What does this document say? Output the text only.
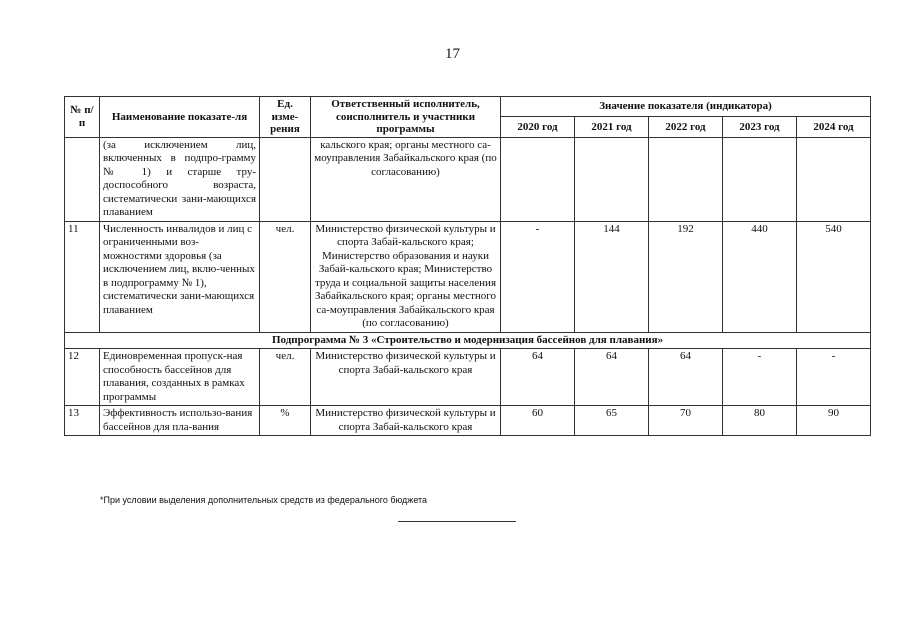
17
№ п/п	Наименование показате-ля	Ед. изме-рения	Ответственный исполнитель, соисполнитель и участники программы	Значение показателя (индикатора)				
				2020 год	2021 год	2022 год	2023 год	2024 год
	(за исключением лиц, включенных в подпро-грамму № 1) и старше тру-доспособного возраста, систематически зани-мающихся плаванием		кальского края; органы местного са-моуправления Забайкальского края (по согласованию)					
11	Численность инвалидов и лиц с ограниченными воз-можностями здоровья (за исключением лиц, вклю-ченных в подпрограмму № 1), систематически зани-мающихся плаванием	чел.	Министерство физической культуры и спорта Забай-кальского края; Министерство образования и науки Забай-кальского края; Министерство труда и социальной защиты населения Забайкальского края; органы местного са-моуправления Забайкальского края (по согласованию)	-	144	192	440	540
Подпрограмма № 3 «Строительство и модернизация бассейнов для плавания»								
12	Единовременная пропуск-ная способность бассейнов для плавания, созданных в рамках программы	чел.	Министерство физической культуры и спорта Забай-кальского края	64	64	64	-	-
13	Эффективность использо-вания бассейнов для пла-вания	%	Министерство физической культуры и спорта Забай-кальского края	60	65	70	80	90
*При условии выделения дополнительных средств из федерального бюджета
